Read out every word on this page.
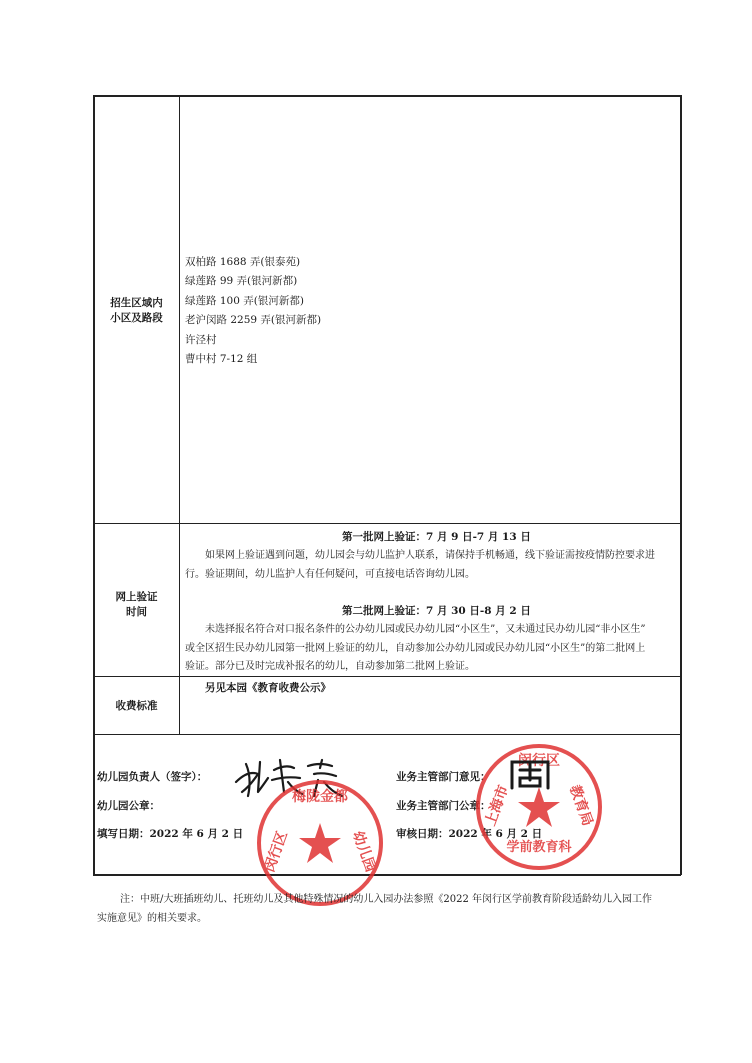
招生区域内
小区及路段
双柏路 1688 弄(银泰苑)
绿莲路 99 弄(银河新都)
绿莲路 100 弄(银河新都)
老沪闵路 2259 弄(银河新都)
许泾村
曹中村 7-12 组
网上验证
时间
第一批网上验证：7 月 9 日-7 月 13 日
如果网上验证遇到问题，幼儿园会与幼儿监护人联系，请保持手机畅通，线下验证需按疫情防控要求进
行。验证期间，幼儿监护人有任何疑问，可直接电话咨询幼儿园。
第二批网上验证：7 月 30 日-8 月 2 日
未选择报名符合对口报名条件的公办幼儿园或民办幼儿园“小区生”，又未通过民办幼儿园“非小区生”
或全区招生民办幼儿园第一批网上验证的幼儿，自动参加公办幼儿园或民办幼儿园“小区生”的第二批网上
验证。部分已及时完成补报名的幼儿，自动参加第二批网上验证。
收费标准
另见本园《教育收费公示》
幼儿园负责人（签字）：
幼儿园公章：
填写日期：2022 年 6 月 2 日
业务主管部门意见：
业务主管部门公章：
审核日期：2022 年 6 月 2 日
梅陇金都
闵行区	幼儿园
闵行区
上海市	教育局
学前教育科
注：中班/大班插班幼儿、托班幼儿及其他特殊情况的幼儿入园办法参照《2022 年闵行区学前教育阶段适龄幼儿入园工作
实施意见》的相关要求。
